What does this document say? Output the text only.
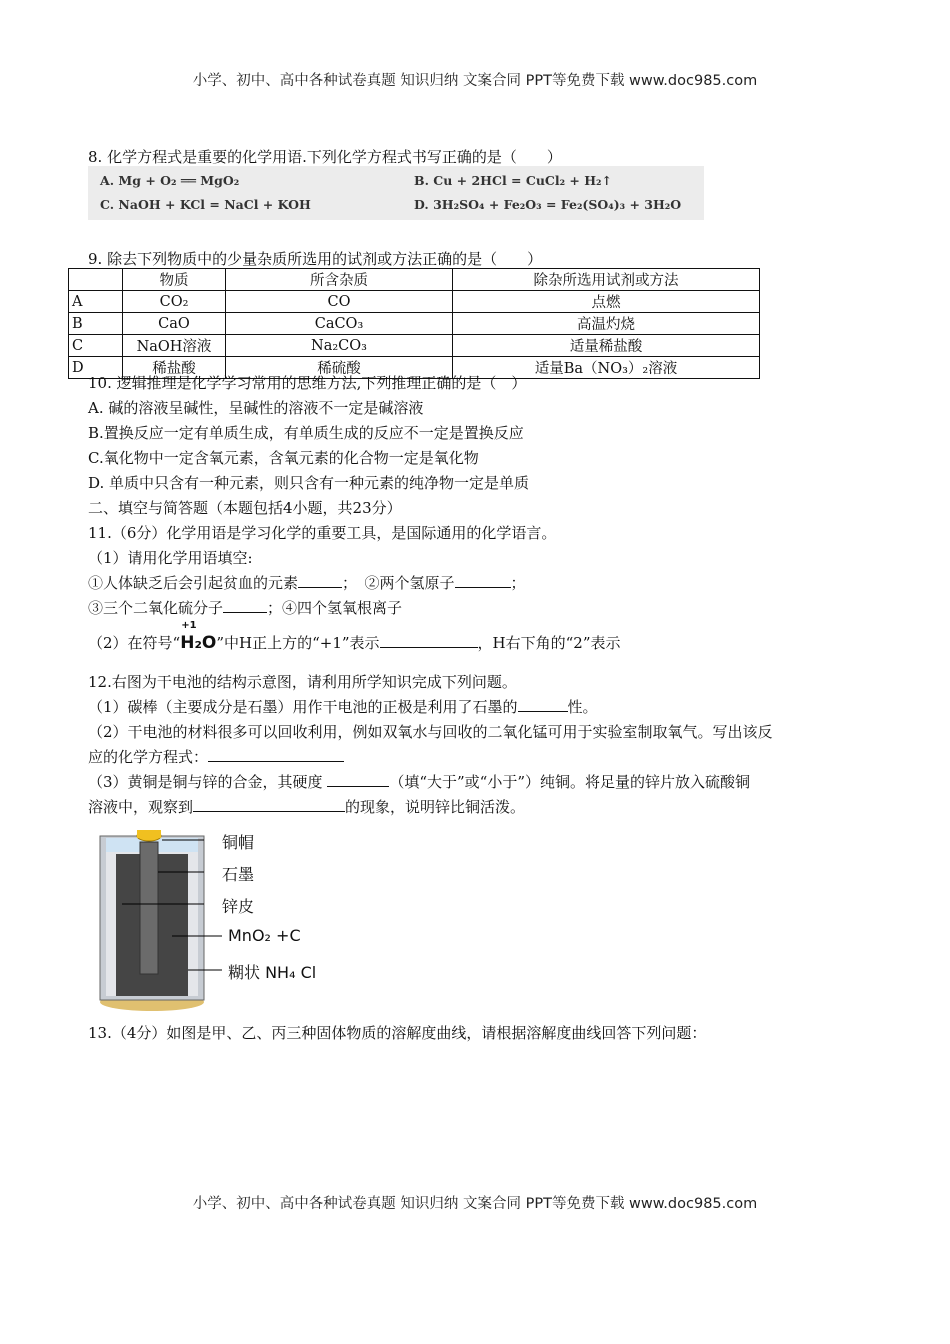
小学、初中、高中各种试卷真题 知识归纳 文案合同 PPT等免费下载 www.doc985.com
8. 化学方程式是重要的化学用语.下列化学方程式书写正确的是（　　）
A. Mg + O₂ ══ MgO₂	B. Cu + 2HCl = CuCl₂ + H₂↑
C. NaOH + KCl = NaCl + KOH	D. 3H₂SO₄ + Fe₂O₃ = Fe₂(SO₄)₃ + 3H₂O
9. 除去下列物质中的少量杂质所选用的试剂或方法正确的是（　　）
	物质	所含杂质	除杂所选用试剂或方法
A	CO₂	CO	点燃
B	CaO	CaCO₃	高温灼烧
C	NaOH溶液	Na₂CO₃	适量稀盐酸
D	稀盐酸	稀硫酸	适量Ba（NO₃）₂溶液
10. 逻辑推理是化学学习常用的思维方法,下列推理正确的是（　）
A. 碱的溶液呈碱性，呈碱性的溶液不一定是碱溶液
B.置换反应一定有单质生成，有单质生成的反应不一定是置换反应
C.氧化物中一定含氧元素，含氧元素的化合物一定是氧化物
D. 单质中只含有一种元素，则只含有一种元素的纯净物一定是单质
二、填空与简答题（本题包括4小题，共23分）
11.（6分）化学用语是学习化学的重要工具，是国际通用的化学语言。
（1）请用化学用语填空:
①人体缺乏后会引起贫血的元素	；　②两个氢原子	；
③三个二氧化硫分子	；④四个氢氧根离子
（2）在符号“
+1
H₂O”中H正上方的“+1”表示	，H右下角的“2”表示
12.右图为干电池的结构示意图，请利用所学知识完成下列问题。
（1）碳棒（主要成分是石墨）用作干电池的正极是利用了石墨的	性。
（2）干电池的材料很多可以回收利用，例如双氧水与回收的二氧化锰可用于实验室制取氧气。写出该反
应的化学方程式：
（3）黄铜是铜与锌的合金，其硬度	（填“大于”或“小于”）纯铜。将足量的锌片放入硫酸铜
溶液中，观察到	的现象，说明锌比铜活泼。
铜帽
石墨
锌皮
MnO₂ +C
糊状 NH₄ Cl
13.（4分）如图是甲、乙、丙三种固体物质的溶解度曲线，请根据溶解度曲线回答下列问题：
小学、初中、高中各种试卷真题 知识归纳 文案合同 PPT等免费下载 www.doc985.com
